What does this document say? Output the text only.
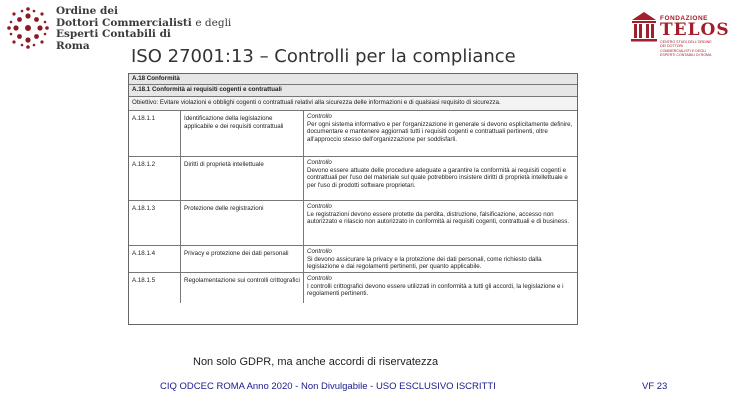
Ordine dei
Dottori Commercialisti e degli
Esperti Contabili di
Roma
FONDAZIONE
TELOS
CENTRO STUDI DELL'ORDINE DEI DOTTORI COMMERCIALISTI E DEGLI ESPERTI CONTABILI DI ROMA
ISO 27001:13 – Controlli per la compliance
A.18 Conformità
A.18.1 Conformità ai requisiti cogenti e contrattuali
Obiettivo: Evitare violazioni e obblighi cogenti o contrattuali relativi alla sicurezza delle informazioni e di qualsiasi requisito di sicurezza.
A.18.1.1	Identificazione della legislazione applicabile e dei requisiti contrattuali
Controllo
Per ogni sistema informativo e per l'organizzazione in generale si devono esplicitamente definire, documentare e mantenere aggiornati tutti i requisiti cogenti e contrattuali pertinenti, oltre all'approccio stesso dell'organizzazione per soddisfarli.
A.18.1.2	Diritti di proprietà intellettuale	Controllo
Devono essere attuate delle procedure adeguate a garantire la conformità ai requisiti cogenti e contrattuali per l'uso del materiale sul quale potrebbero insistere diritti di proprietà intellettuale e per l'uso di prodotti software proprietari.
A.18.1.3	Protezione delle registrazioni	Controllo
Le registrazioni devono essere protette da perdita, distruzione, falsificazione, accesso non autorizzato e rilascio non autorizzato in conformità ai requisiti cogenti, contrattuali e di business.
A.18.1.4	Privacy e protezione dei dati personali	Controllo
Si devono assicurare la privacy e la protezione dei dati personali, come richiesto dalla legislazione e dai regolamenti pertinenti, per quanto applicabile.
A.18.1.5	Regolamentazione sui controlli crittografici	Controllo
I controlli crittografici devono essere utilizzati in conformità a tutti gli accordi, la legislazione e i regolamenti pertinenti.
Non solo GDPR, ma anche accordi di riservatezza
CIQ ODCEC ROMA Anno 2020 - Non Divulgabile - USO ESCLUSIVO ISCRITTI	VF 23
